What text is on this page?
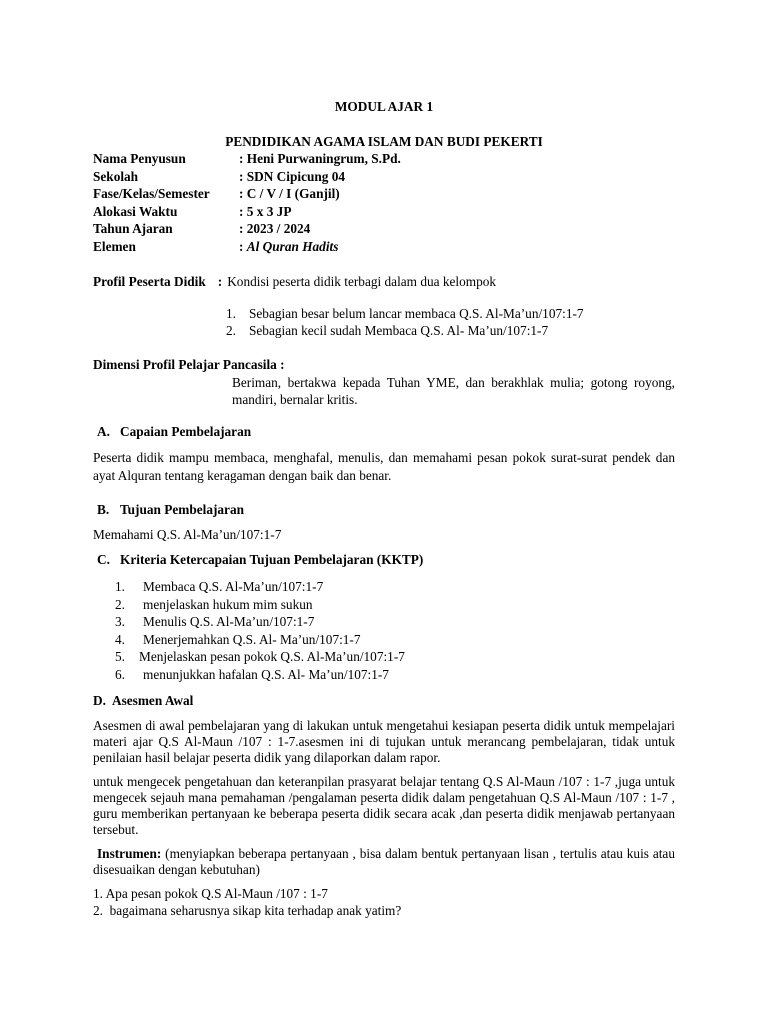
MODUL AJAR 1
PENDIDIKAN AGAMA ISLAM DAN BUDI PEKERTI
Nama Penyusun	: Heni Purwaningrum, S.Pd.
Sekolah	: SDN Cipicung 04
Fase/Kelas/Semester	: C / V / I (Ganjil)
Alokasi Waktu	: 5 x 3 JP
Tahun Ajaran	: 2023 / 2024
Elemen	: Al Quran Hadits
Profil Peserta Didik : Kondisi peserta didik terbagi dalam dua kelompok
1. Sebagian besar belum lancar membaca Q.S. Al-Ma’un/107:1-7
2. Sebagian kecil sudah Membaca Q.S. Al- Ma’un/107:1-7
Dimensi Profil Pelajar Pancasila :
Beriman, bertakwa kepada Tuhan YME, dan berakhlak mulia; gotong royong, mandiri, bernalar kritis.
A. Capaian Pembelajaran
Peserta didik mampu membaca, menghafal, menulis, dan memahami pesan pokok surat-surat pendek dan ayat Alquran tentang keragaman dengan baik dan benar.
B. Tujuan Pembelajaran
Memahami Q.S. Al-Ma’un/107:1-7
C. Kriteria Ketercapaian Tujuan Pembelajaran (KKTP)
1.	Membaca Q.S. Al-Ma’un/107:1-7
2.	menjelaskan hukum mim sukun
3.	Menulis Q.S. Al-Ma’un/107:1-7
4.	Menerjemahkan Q.S. Al- Ma’un/107:1-7
5.	Menjelaskan pesan pokok Q.S. Al-Ma’un/107:1-7
6.	menunjukkan hafalan Q.S. Al- Ma’un/107:1-7
D. Asesmen Awal
Asesmen di awal pembelajaran yang di lakukan untuk mengetahui kesiapan peserta didik untuk mempelajari materi ajar Q.S Al-Maun /107 : 1-7.asesmen ini di tujukan untuk merancang pembelajaran, tidak untuk penilaian hasil belajar peserta didik yang dilaporkan dalam rapor.
untuk mengecek pengetahuan dan keteranpilan prasyarat belajar tentang Q.S Al-Maun /107 : 1-7 ,juga untuk mengecek sejauh mana pemahaman /pengalaman peserta didik dalam pengetahuan Q.S Al-Maun /107 : 1-7 , guru memberikan pertanyaan ke beberapa peserta didik secara acak ,dan peserta didik menjawab pertanyaan tersebut.
Instrumen: (menyiapkan beberapa pertanyaan , bisa dalam bentuk pertanyaan lisan , tertulis atau kuis atau disesuaikan dengan kebutuhan)
1. Apa pesan pokok Q.S Al-Maun /107 : 1-7
2.  bagaimana seharusnya sikap kita terhadap anak yatim?
